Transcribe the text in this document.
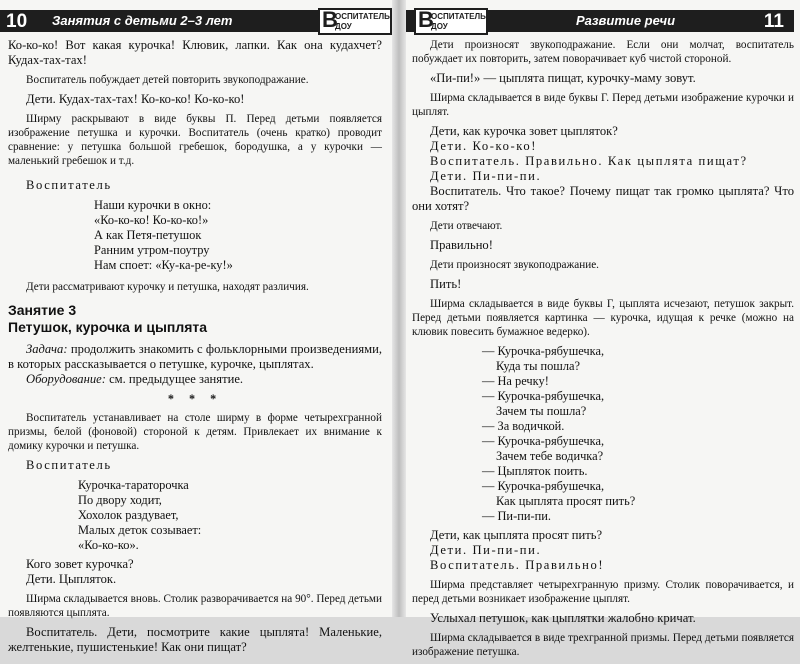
10 Занятия с детьми 2–3 лет	В
ОСПИТАТЕЛЬ
ДОУ

Ко-ко-ко! Вот какая курочка! Клювик, лапки. Как она кудахчет? Кудах-тах-тах!

Воспитатель побуждает детей повторить звукоподражание.

Дети. Кудах-тах-тах! Ко-ко-ко! Ко-ко-ко!

Ширму раскрывают в виде буквы П. Перед детьми появляется изображение петушка и курочки. Воспитатель (очень кратко) проводит сравнение: у петушка большой гребешок, бородушка, а у курочки — маленький гребешок и т.д.

Воспитатель

Наши курочки в окно:
«Ко-ко-ко! Ко-ко-ко!»
А как Петя-петушок
Ранним утром-поутру
Нам споет: «Ку-ка-ре-ку!»

Дети рассматривают курочку и петушка, находят различия.

Занятие 3
Петушок, курочка и цыплята

Задача: продолжить знакомить с фольклорными произведениями, в которых рассказывается о петушке, курочке, цыплятах.

Оборудование: см. предыдущее занятие.

* * *

Воспитатель устанавливает на столе ширму в форме четырехгранной призмы, белой (фоновой) стороной к детям. Привлекает их внимание к домику курочки и петушка.

Воспитатель

Курочка-тараторочка
По двору ходит,
Хохолок раздувает,
Малых деток созывает:
«Ко-ко-ко».

Кого зовет курочка?

Дети. Цыпляток.

Ширма складывается вновь. Столик разворачивается на 90°. Перед детьми появляются цыплята.

Воспитатель. Дети, посмотрите какие цыплята! Маленькие, желтенькие, пушистенькие! Как они пищат?

В
ОСПИТАТЕЛЬ
ДОУ	Развитие речи	11

Дети произносят звукоподражание. Если они молчат, воспитатель побуждает их повторить, затем поворачивает куб чистой стороной.

«Пи-пи!» — цыплята пищат, курочку-маму зовут.

Ширма складывается в виде буквы Г. Перед детьми изображение курочки и цыплят.

Дети, как курочка зовет цыпляток?

Дети. Ко-ко-ко!

Воспитатель. Правильно. Как цыплята пищат?

Дети. Пи-пи-пи.

Воспитатель. Что такое? Почему пищат так громко цыплята? Что они хотят?

Дети отвечают.

Правильно!

Дети произносят звукоподражание.

Пить!

Ширма складывается в виде буквы Г, цыплята исчезают, петушок закрыт. Перед детьми появляется картинка — курочка, идущая к речке (можно на клювик повесить бумажное ведерко).

— Курочка-рябушечка,
Куда ты пошла?
— На речку!
— Курочка-рябушечка,
Зачем ты пошла?
— За водичкой.
— Курочка-рябушечка,
Зачем тебе водичка?
— Цыпляток поить.
— Курочка-рябушечка,
Как цыплята просят пить?
— Пи-пи-пи.

Дети, как цыплята просят пить?

Дети. Пи-пи-пи.

Воспитатель. Правильно!

Ширма представляет четырехгранную призму. Столик поворачивается, и перед детьми возникает изображение цыплят.

Услыхал петушок, как цыплятки жалобно кричат.

Ширма складывается в виде трехгранной призмы. Перед детьми появляется изображение петушка.
